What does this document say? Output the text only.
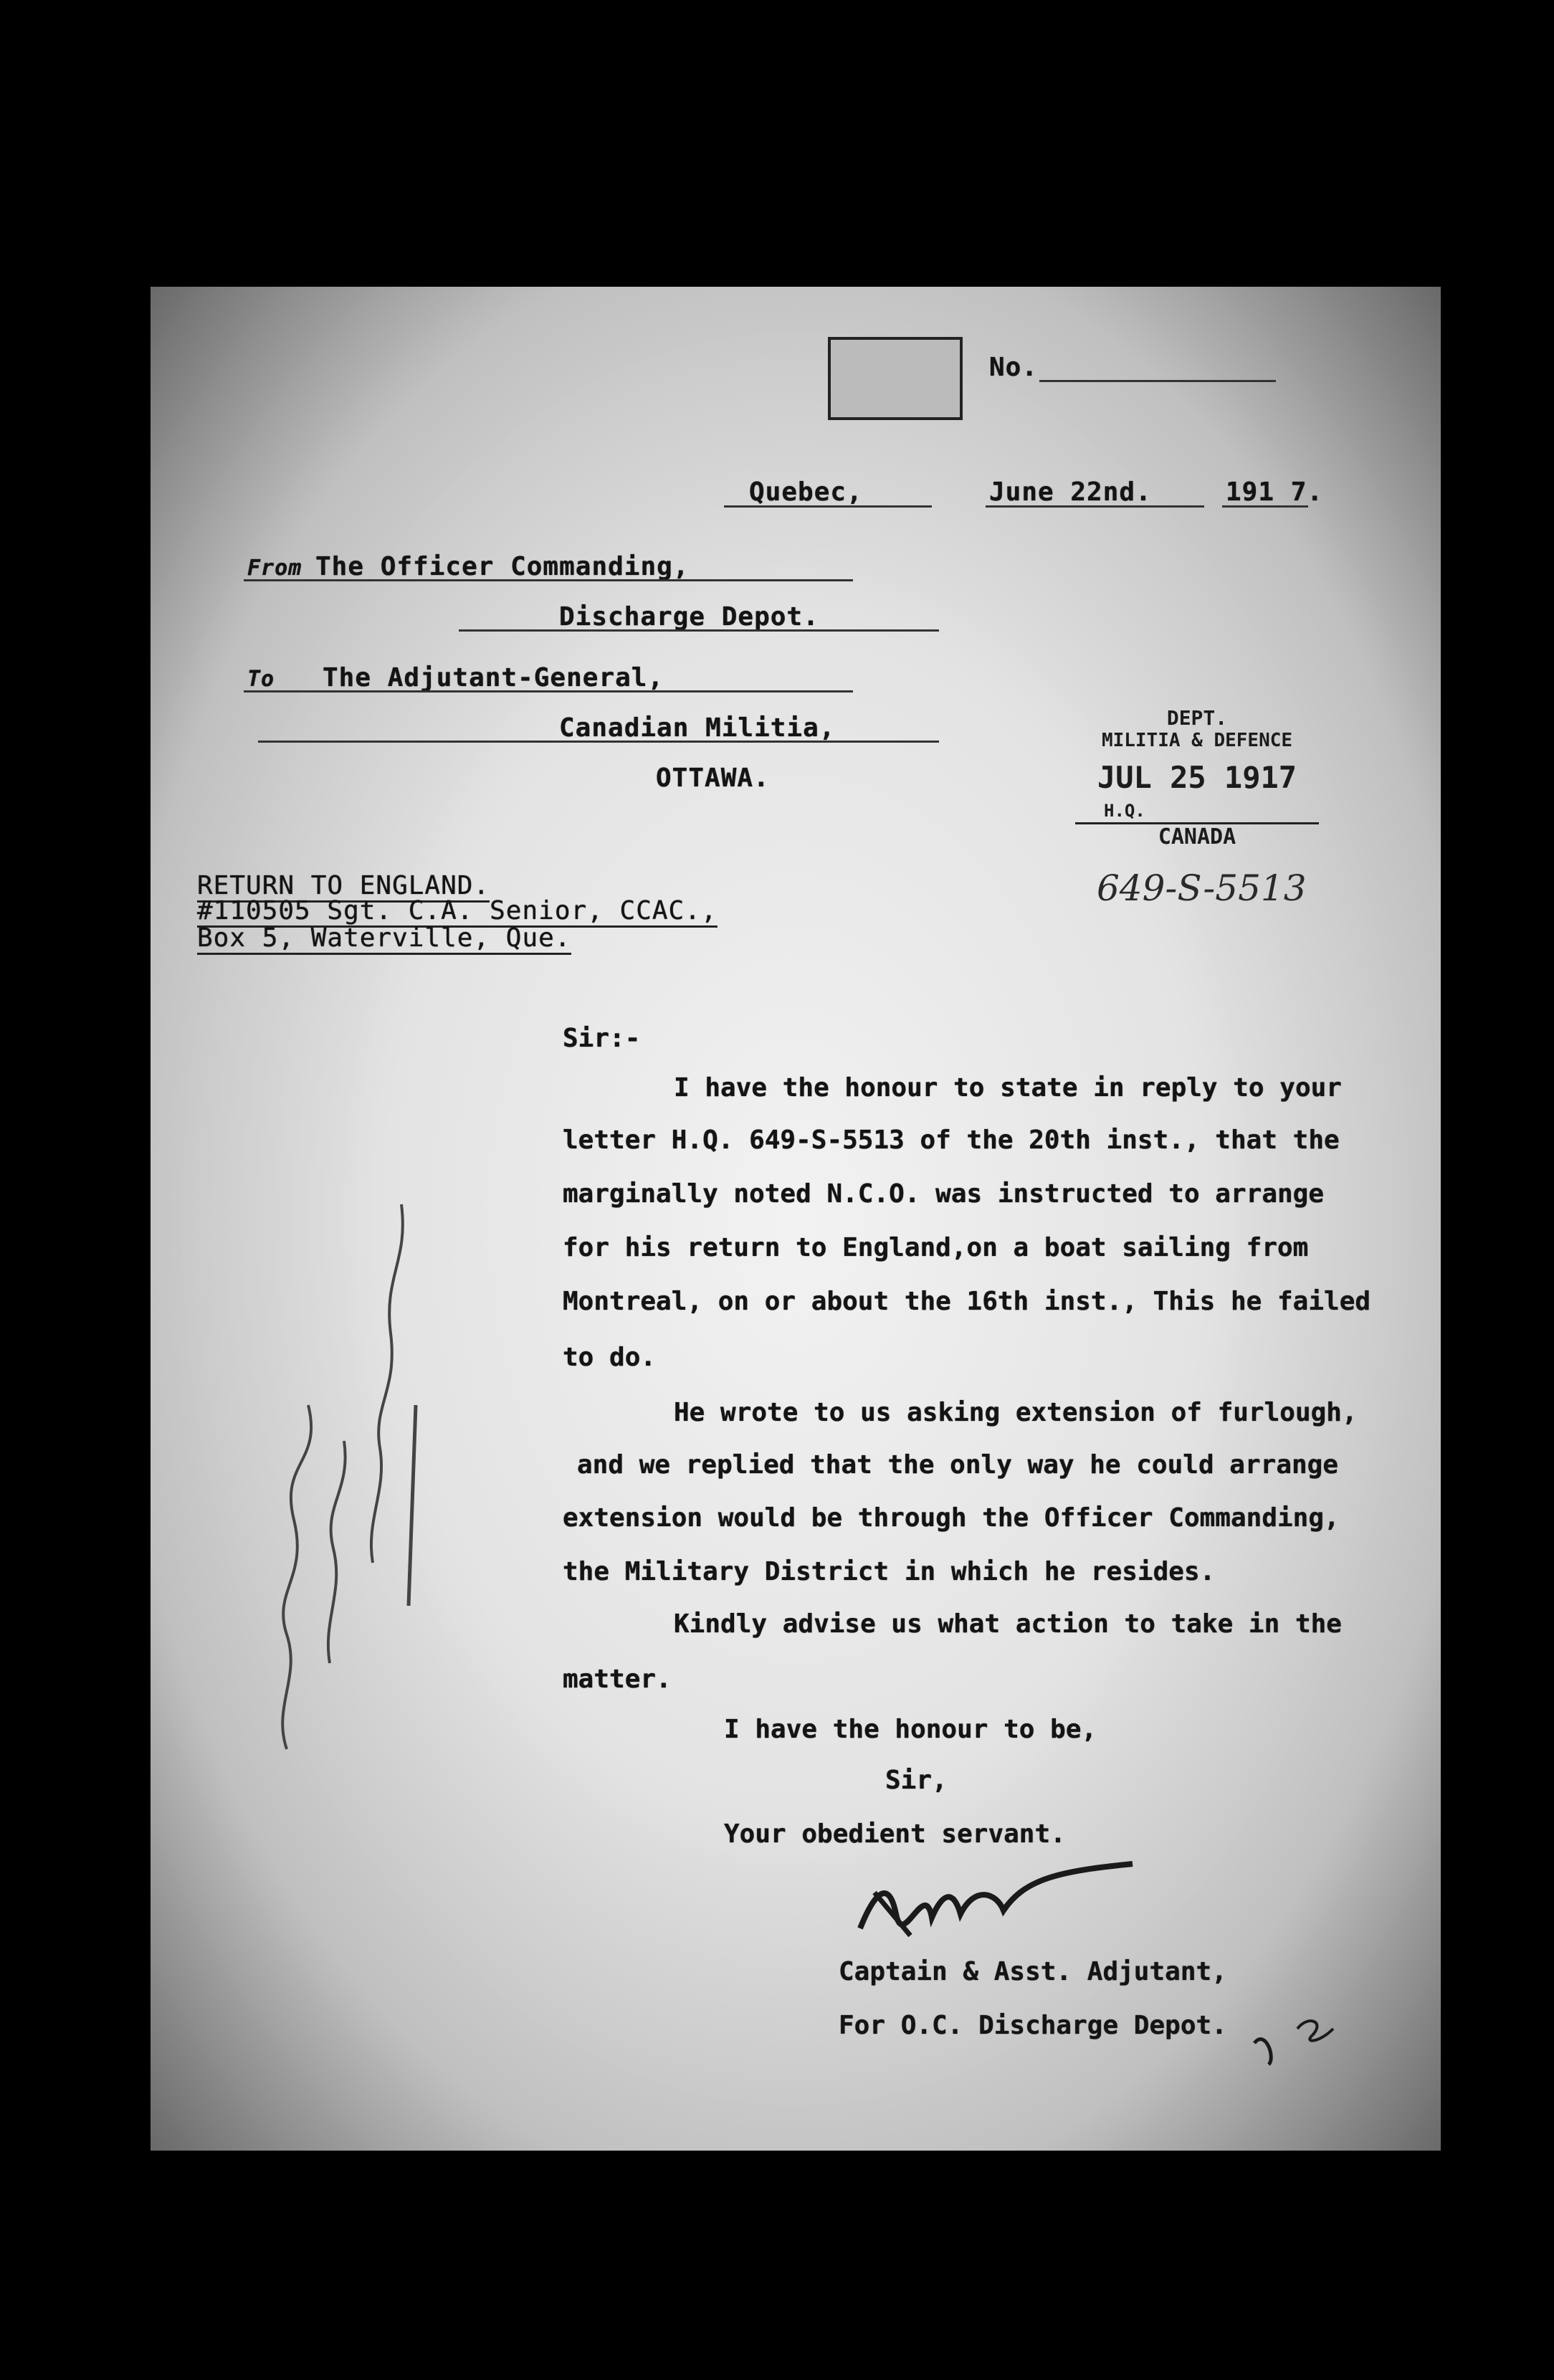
No.
Quebec,	June 22nd.	191 7.
From The Officer Commanding,
Discharge Depot.
To The Adjutant-General,
Canadian Militia,
OTTAWA.
DEPT.
MILITIA & DEFENCE
JUL 25 1917
H.Q.
CANADA
649-S-5513
RETURN TO ENGLAND.
#110505 Sgt. C.A. Senior, CCAC.,
Box 5, Waterville, Que.
Sir:-
I have the honour to state in reply to your
letter H.Q. 649-S-5513 of the 20th inst., that the
marginally noted N.C.O. was instructed to arrange
for his return to England,on a boat sailing from
Montreal, on or about the 16th inst., This he failed
to do.
He wrote to us asking extension of furlough,
and we replied that the only way he could arrange
extension would be through the Officer Commanding,
the Military District in which he resides.
Kindly advise us what action to take in the
matter.
I have the honour to be,
Sir,
Your obedient servant.
Captain & Asst. Adjutant,
For O.C. Discharge Depot.
